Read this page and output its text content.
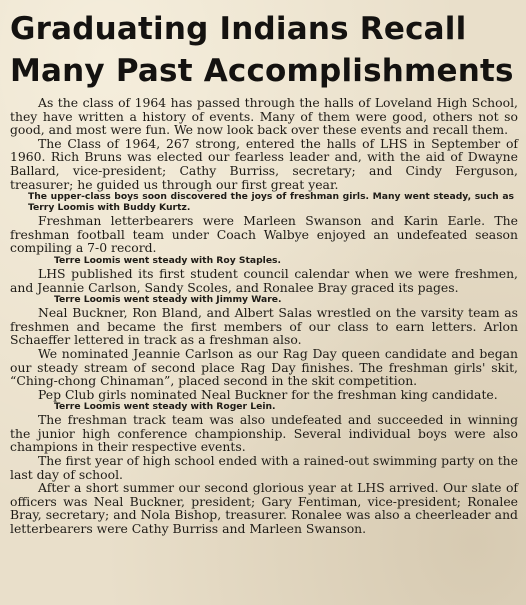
Graduating Indians Recall
Many Past Accomplishments

As the class of 1964 has passed through the halls of Loveland High School, they have written a history of events. Many of them were good, others not so good, and most were fun. We now look back over these events and recall them.

The Class of 1964, 267 strong, entered the halls of LHS in September of 1960. Rich Bruns was elected our fearless leader and, with the aid of Dwayne Ballard, vice-president; Cathy Burriss, secretary; and Cindy Ferguson, treasurer; he guided us through our first great year.

The upper-class boys soon discovered the joys of freshman girls. Many went steady, such as Terry Loomis with Buddy Kurtz.

Freshman letterbearers were Marleen Swanson and Karin Earle. The freshman football team under Coach Walbye enjoyed an undefeated season compiling a 7-0 record.

Terre Loomis went steady with Roy Staples.

LHS published its first student council calendar when we were freshmen, and Jeannie Carlson, Sandy Scoles, and Ronalee Bray graced its pages.

Terre Loomis went steady with Jimmy Ware.

Neal Buckner, Ron Bland, and Albert Salas wrestled on the varsity team as freshmen and became the first members of our class to earn letters. Arlon Schaeffer lettered in track as a freshman also.

We nominated Jeannie Carlson as our Rag Day queen candidate and began our steady stream of second place Rag Day finishes. The freshman girls' skit, “Ching-chong Chinaman”, placed second in the skit competition.

Pep Club girls nominated Neal Buckner for the freshman king candidate.

Terre Loomis went steady with Roger Lein.

The freshman track team was also undefeated and succeeded in winning the junior high conference championship. Several individual boys were also champions in their respective events.

The first year of high school ended with a rained-out swimming party on the last day of school.

After a short summer our second glorious year at LHS arrived. Our slate of officers was Neal Buckner, president; Gary Fentiman, vice-president; Ronalee Bray, secretary; and Nola Bishop, treasurer. Ronalee was also a cheerleader and letterbearers were Cathy Burriss and Marleen Swanson.
